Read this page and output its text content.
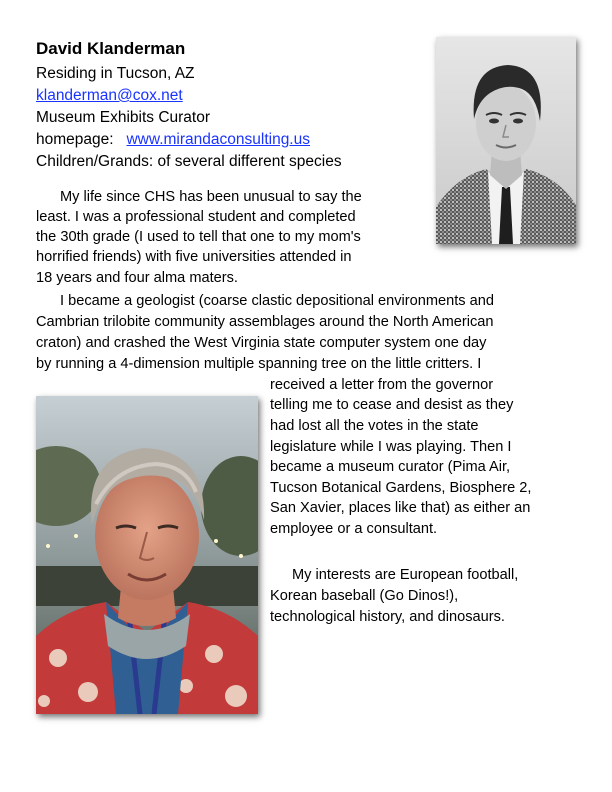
David Klanderman
Residing in Tucson, AZ
klanderman@cox.net
Museum Exhibits Curator
homepage: www.mirandaconsulting.us
Children/Grands: of several different species
My life since CHS has been unusual to say the
least. I was a professional student and completed
the 30th grade (I used to tell that one to my mom's
horrified friends) with five universities attended in
18 years and four alma maters.
I became a geologist (coarse clastic depositional environments and
Cambrian trilobite community assemblages around the North American
craton) and crashed the West Virginia state computer system one day
by running a 4-dimension multiple spanning tree on the little critters. I
received a letter from the governor
telling me to cease and desist as they
had lost all the votes in the state
legislature while I was playing. Then I
became a museum curator (Pima Air,
Tucson Botanical Gardens, Biosphere 2,
San Xavier, places like that) as either an
employee or a consultant.
My interests are European football,
Korean baseball (Go Dinos!),
technological history, and dinosaurs.
